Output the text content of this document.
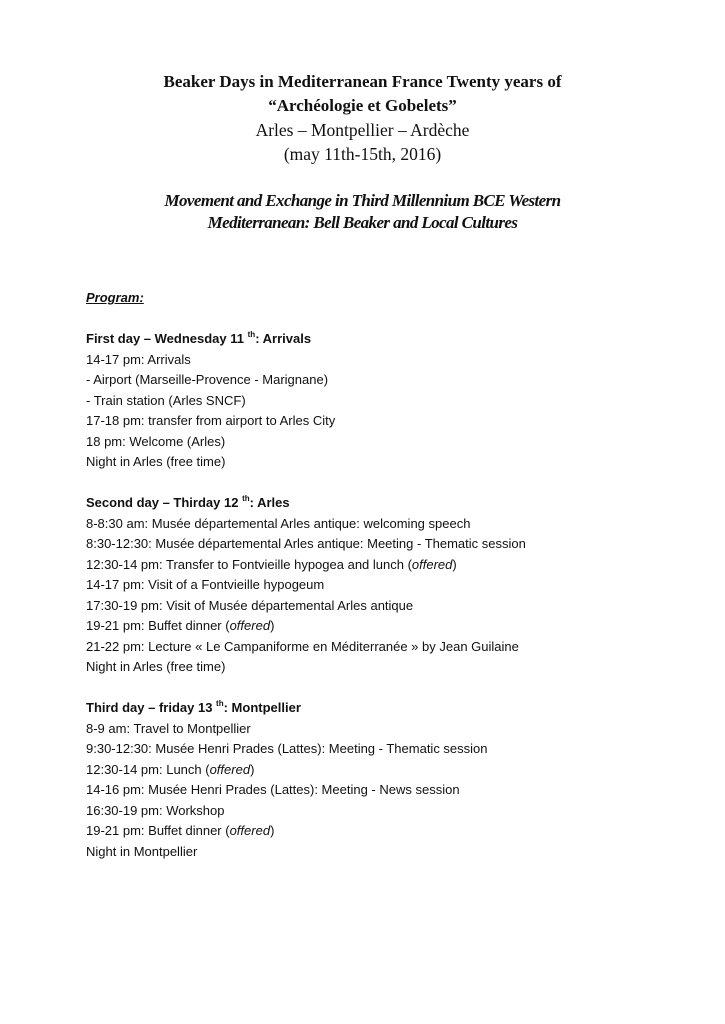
Beaker Days in Mediterranean France Twenty years of
“Archéologie et Gobelets”
Arles – Montpellier – Ardèche
(may 11th-15th, 2016)
Movement and Exchange in Third Millennium BCE Western
Mediterranean: Bell Beaker and Local Cultures
Program:
First day – Wednesday 11 $^{th}$: Arrivals
14-17 pm: Arrivals
- Airport (Marseille-Provence - Marignane)
- Train station (Arles SNCF)
17-18 pm: transfer from airport to Arles City
18 pm: Welcome (Arles)
Night in Arles (free time)
Second day – Thirday 12 $^{th}$: Arles
8-8:30 am: Musée départemental Arles antique: welcoming speech
8:30-12:30: Musée départemental Arles antique: Meeting - Thematic session
12:30-14 pm: Transfer to Fontvieille hypogea and lunch (offered)
14-17 pm: Visit of a Fontvieille hypogeum
17:30-19 pm: Visit of Musée départemental Arles antique
19-21 pm: Buffet dinner (offered)
21-22 pm: Lecture « Le Campaniforme en Méditerranée » by Jean Guilaine
Night in Arles (free time)
Third day – friday 13 $^{th}$: Montpellier
8-9 am: Travel to Montpellier
9:30-12:30: Musée Henri Prades (Lattes): Meeting - Thematic session
12:30-14 pm: Lunch (offered)
14-16 pm: Musée Henri Prades (Lattes): Meeting - News session
16:30-19 pm: Workshop
19-21 pm: Buffet dinner (offered)
Night in Montpellier
